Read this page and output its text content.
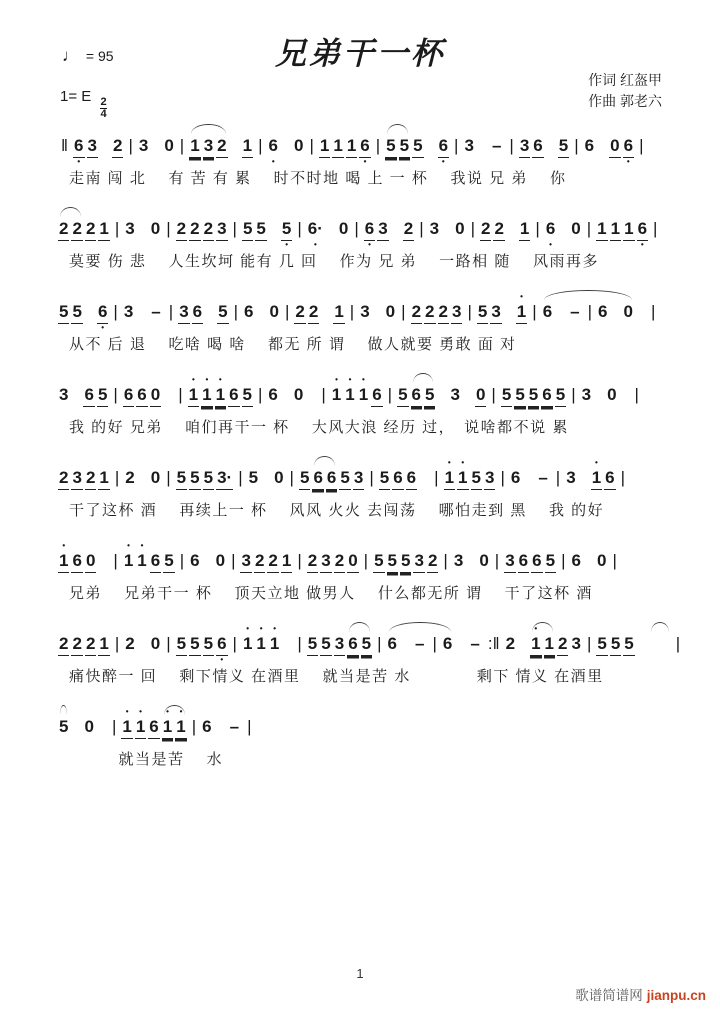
♩ = 95	兄弟干一杯
1= E
$\frac{2}{4}$
作词 红盔甲
作曲 郭老六
‖ 6 • 3 2 | 3 0 | 1 3 2 1 | 6 • 0 | 1 1 1 6 • | 5 5 5 6 • | 3 – | 3 6 5 | 6 0 6 • |
走南 闯 北　 有 苦 有 累　 时不时地 喝 上 一 杯　 我说 兄 弟　 你
2 2 2 1 | 3 0 | 2 2 2 3 | 5 5 5 • | 6· • 0 | 6 • 3 2 | 3 0 | 2 2 1 | 6 • 0 | 1 1 1 6 • |
莫要 伤 悲　 人生坎坷 能有 几 回　 作为 兄 弟　 一路相 随　 风雨再多
5 5 6 • | 3 – | 3 6 5 | 6 0 | 2 2 1 | 3 0 | 2 2 2 3 | 5 3 • 1 | 6 – | 6 0 |
从不 后 退　 吃啥 喝 啥　 都无 所 谓　 做人就要 勇敢 面 对
3 6 5 | 6 6 0 | • 1 • 1 • 1 6 5 | 6 0 | • 1 • 1 • 1 6 | 5 6 5 3 0 | 5 5 5 6 5 | 3 0 |
我 的好 兄弟　 咱们再干一 杯　 大风大浪 经历 过，　说啥都不说 累
2 3 2 1 | 2 0 | 5 5 5 3· | 5 0 | 5 6 6 5 3 | 5 6 6 | • 1 • 1 5 3 | 6 – | 3 • 1 6 |
干了这杯 酒　 再续上一 杯　 风风 火火 去闯荡　 哪怕走到 黑　 我 的好
• 1 6 0 | • 1 • 1 6 5 | 6 0 | 3 2 2 1 | 2 3 2 0 | 5 5 5 3 2 | 3 0 | 3 6 6 5 | 6 0 |
兄弟　 兄弟干一 杯　 顶天立地 做男人　 什么都无所 谓　 干了这杯 酒
2 2 2 1 | 2 0 | 5 5 5 6 • | • 1 • 1 • 1 | 5 5 3 6 5 | 6 – | 6 – :‖ 2 • 1 1 2 3 | 5 5 5 |
痛快醉一 回　 剩下情义 在酒里　 就当是苦 水　　　　剩下 情义 在酒里
5 0 | • 1 • 1 6 • 1 • 1 | 6 – |
　　　就当是苦　 水
1
歌谱简谱网 jianpu.cn
